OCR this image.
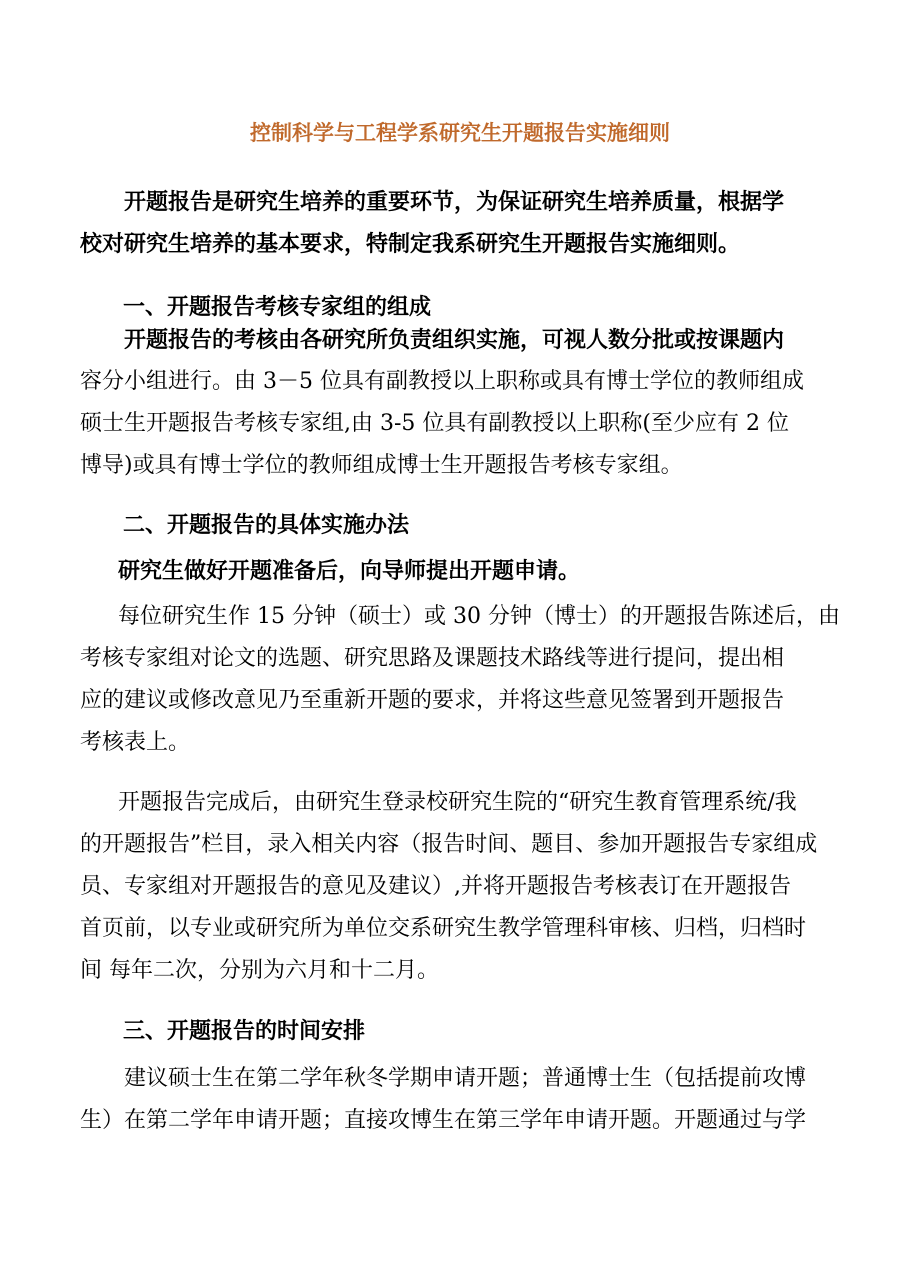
控制科学与工程学系研究生开题报告实施细则
开题报告是研究生培养的重要环节，为保证研究生培养质量，根据学
校对研究生培养的基本要求，特制定我系研究生开题报告实施细则。
一、开题报告考核专家组的组成
开题报告的考核由各研究所负责组织实施，可视人数分批或按课题内
容分小组进行。由 3－5 位具有副教授以上职称或具有博士学位的教师组成
硕士生开题报告考核专家组,由 3-5 位具有副教授以上职称(至少应有 2 位
博导)或具有博士学位的教师组成博士生开题报告考核专家组。
二、开题报告的具体实施办法
研究生做好开题准备后，向导师提出开题申请。
每位研究生作 15 分钟（硕士）或 30 分钟（博士）的开题报告陈述后，由
考核专家组对论文的选题、研究思路及课题技术路线等进行提问，提出相
应的建议或修改意见乃至重新开题的要求，并将这些意见签署到开题报告
考核表上。
开题报告完成后，由研究生登录校研究生院的“研究生教育管理系统/我
的开题报告”栏目，录入相关内容（报告时间、题目、参加开题报告专家组成
员、专家组对开题报告的意见及建议）,并将开题报告考核表订在开题报告
首页前，以专业或研究所为单位交系研究生教学管理科审核、归档，归档时
间 每年二次，分别为六月和十二月。
三、开题报告的时间安排
建议硕士生在第二学年秋冬学期申请开题；普通博士生（包括提前攻博
生）在第二学年申请开题；直接攻博生在第三学年申请开题。开题通过与学
